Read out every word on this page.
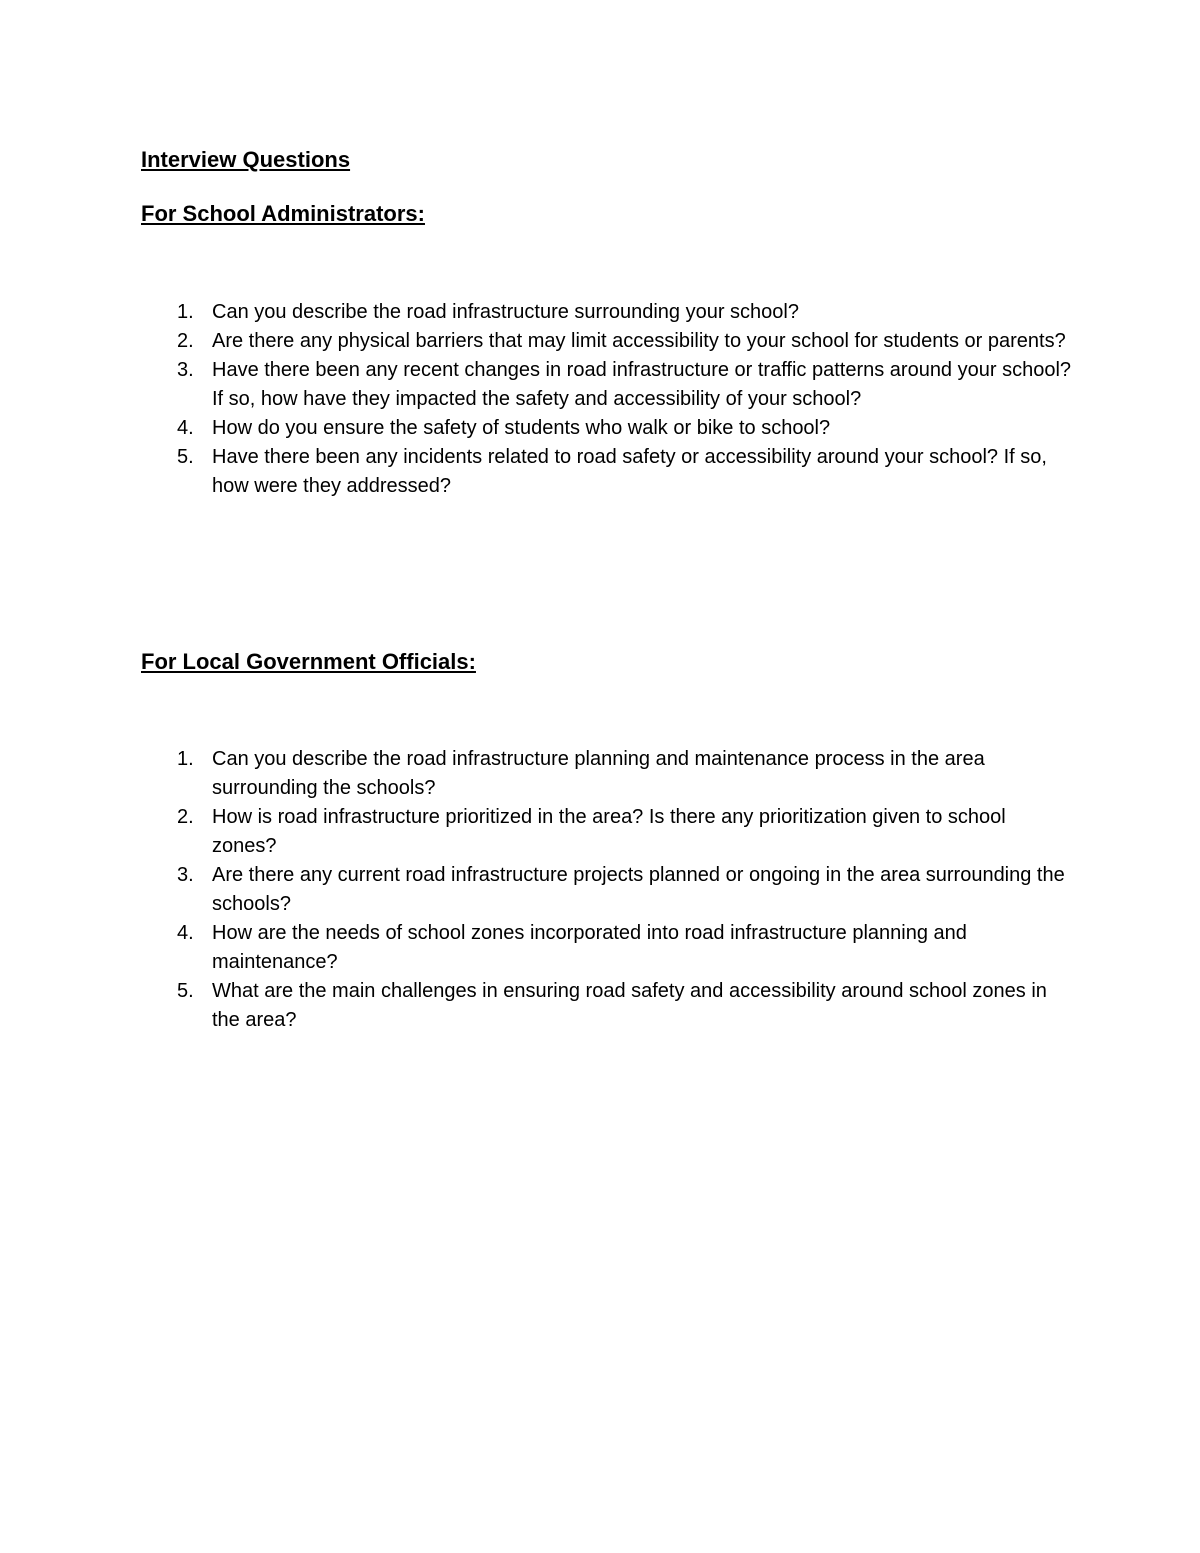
Interview Questions
For School Administrators:
1. Can you describe the road infrastructure surrounding your school?
2. Are there any physical barriers that may limit accessibility to your school for students or parents?
3. Have there been any recent changes in road infrastructure or traffic patterns around your school? If so, how have they impacted the safety and accessibility of your school?
4. How do you ensure the safety of students who walk or bike to school?
5. Have there been any incidents related to road safety or accessibility around your school? If so, how were they addressed?
For Local Government Officials:
1. Can you describe the road infrastructure planning and maintenance process in the area surrounding the schools?
2. How is road infrastructure prioritized in the area? Is there any prioritization given to school zones?
3. Are there any current road infrastructure projects planned or ongoing in the area surrounding the schools?
4. How are the needs of school zones incorporated into road infrastructure planning and maintenance?
5. What are the main challenges in ensuring road safety and accessibility around school zones in the area?
